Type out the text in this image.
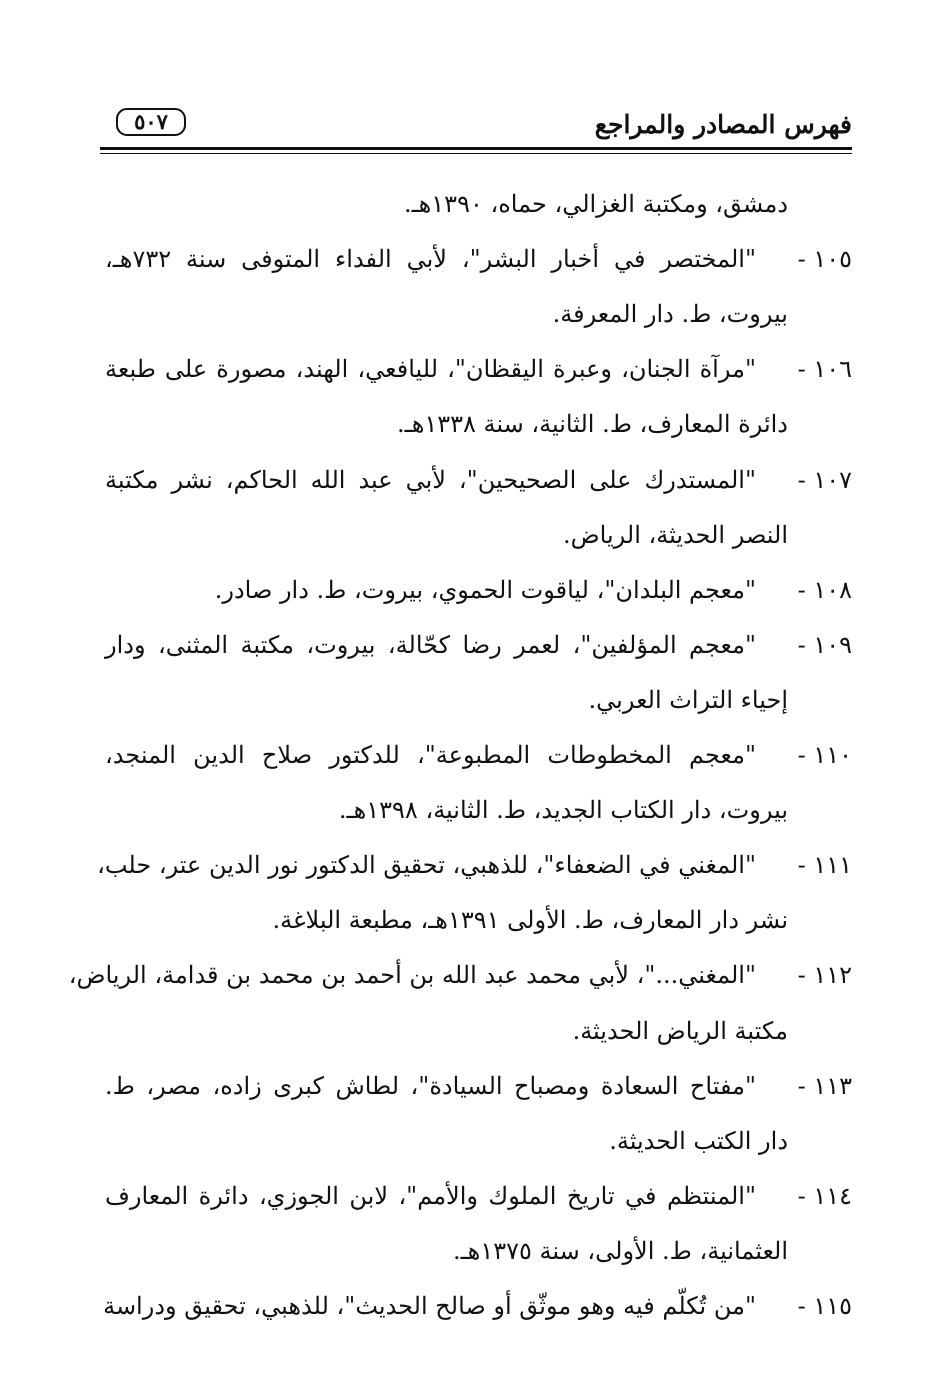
فهرس المصادر والمراجع
٥٠٧
دمشق، ومكتبة الغزالي، حماه، ١٣٩٠هـ.
١٠٥ -
"المختصر في أخبار البشر"، لأبي الفداء المتوفى سنة ٧٣٢هـ،
بيروت، ط. دار المعرفة.
١٠٦ -
"مرآة الجنان، وعبرة اليقظان"، لليافعي، الهند، مصورة على طبعة
دائرة المعارف، ط. الثانية، سنة ١٣٣٨هـ.
١٠٧ -
"المستدرك على الصحيحين"، لأبي عبد الله الحاكم، نشر مكتبة
النصر الحديثة، الرياض.
١٠٨ -
"معجم البلدان"، لياقوت الحموي، بيروت، ط. دار صادر.
١٠٩ -
"معجم المؤلفين"، لعمر رضا كحّالة، بيروت، مكتبة المثنى، ودار
إحياء التراث العربي.
١١٠ -
"معجم المخطوطات المطبوعة"، للدكتور صلاح الدين المنجد،
بيروت، دار الكتاب الجديد، ط. الثانية، ١٣٩٨هـ.
١١١ -
"المغني في الضعفاء"، للذهبي، تحقيق الدكتور نور الدين عتر، حلب،
نشر دار المعارف، ط. الأولى ١٣٩١هـ، مطبعة البلاغة.
١١٢ -
"المغني..."، لأبي محمد عبد الله بن أحمد بن محمد بن قدامة، الرياض،
مكتبة الرياض الحديثة.
١١٣ -
"مفتاح السعادة ومصباح السيادة"، لطاش كبرى زاده، مصر، ط.
دار الكتب الحديثة.
١١٤ -
"المنتظم في تاريخ الملوك والأمم"، لابن الجوزي، دائرة المعارف
العثمانية، ط. الأولى، سنة ١٣٧٥هـ.
١١٥ -
"من تُكلّم فيه وهو موثّق أو صالح الحديث"، للذهبي، تحقيق ودراسة
